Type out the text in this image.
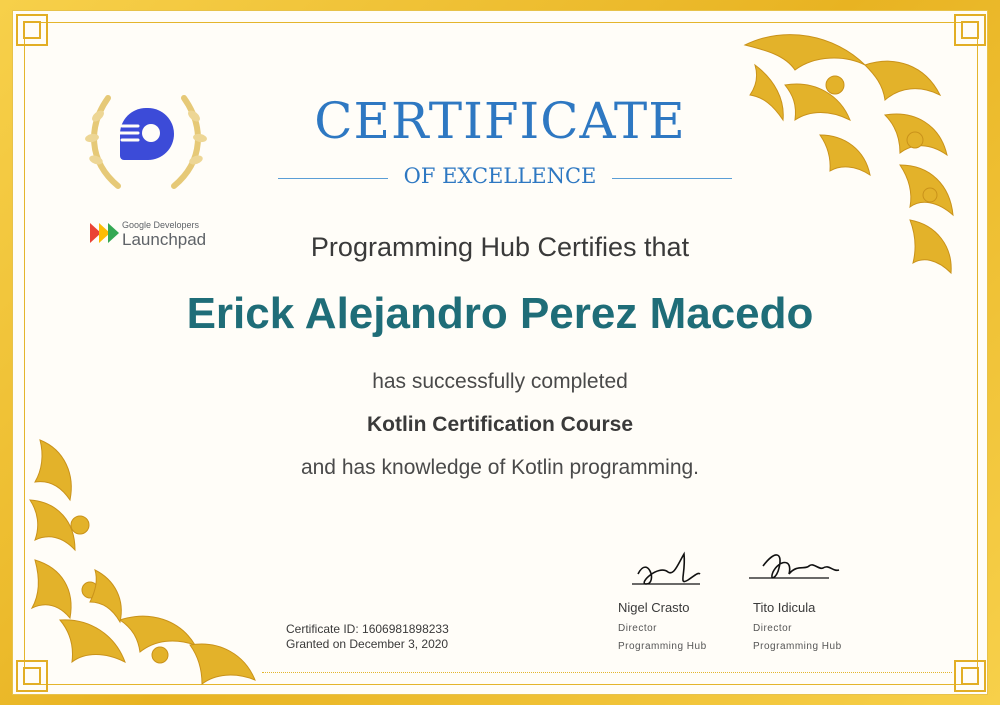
Google Developers
Launchpad
CERTIFICATE
OF EXCELLENCE
Programming Hub Certifies that
Erick Alejandro Perez Macedo
has successfully completed
Kotlin Certification Course
and has knowledge of Kotlin programming.
Certificate ID: 1606981898233
Granted on December 3, 2020
Nigel Crasto
Director
Programming Hub
Tito Idicula
Director
Programming Hub
